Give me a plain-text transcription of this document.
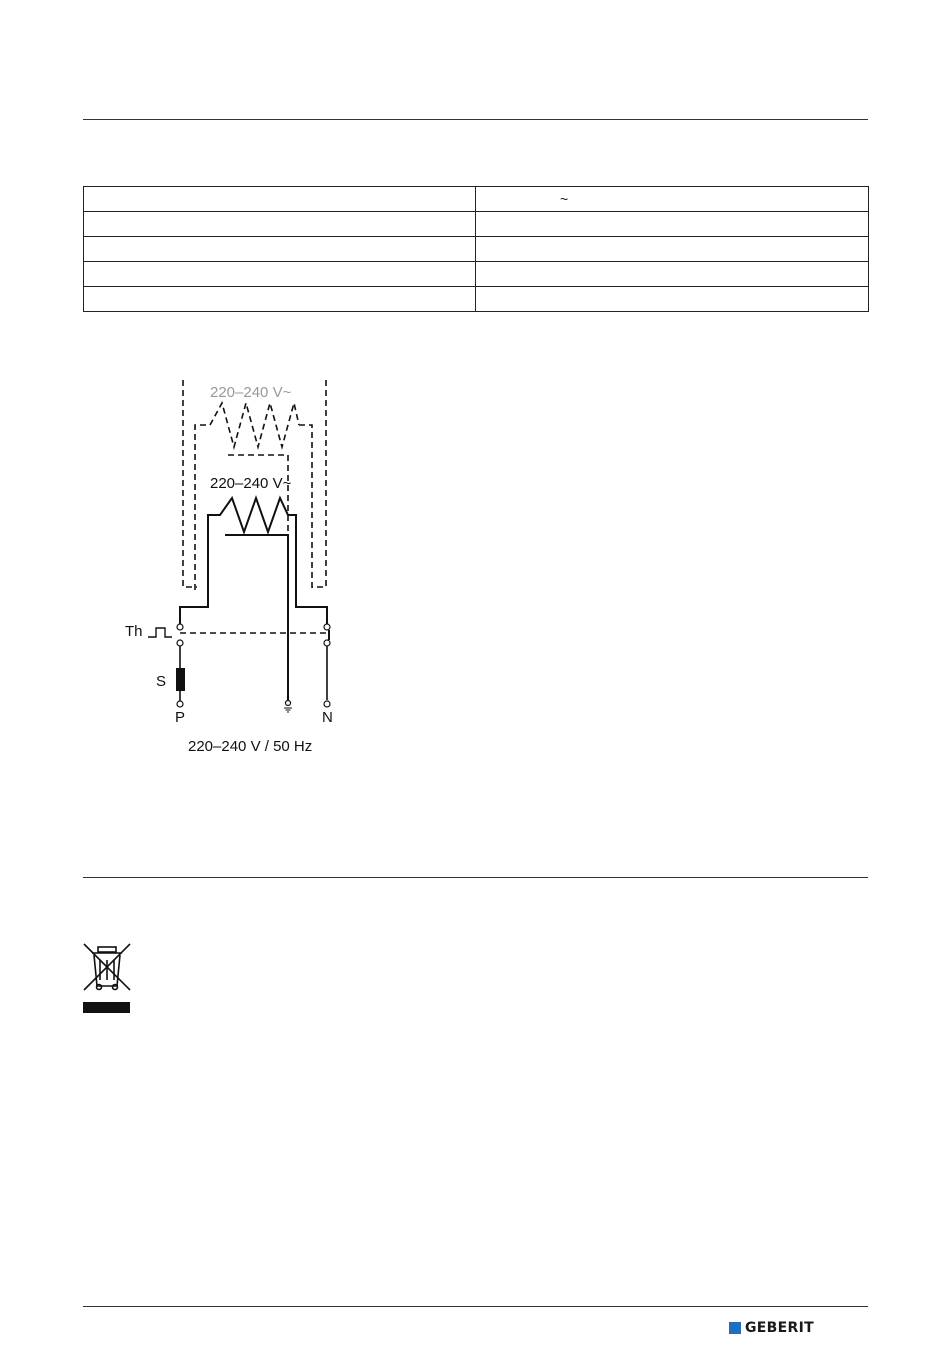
~
220–240 V~
220–240 V~
Th
S
P	N
220–240 V / 50 Hz
GEBERIT
